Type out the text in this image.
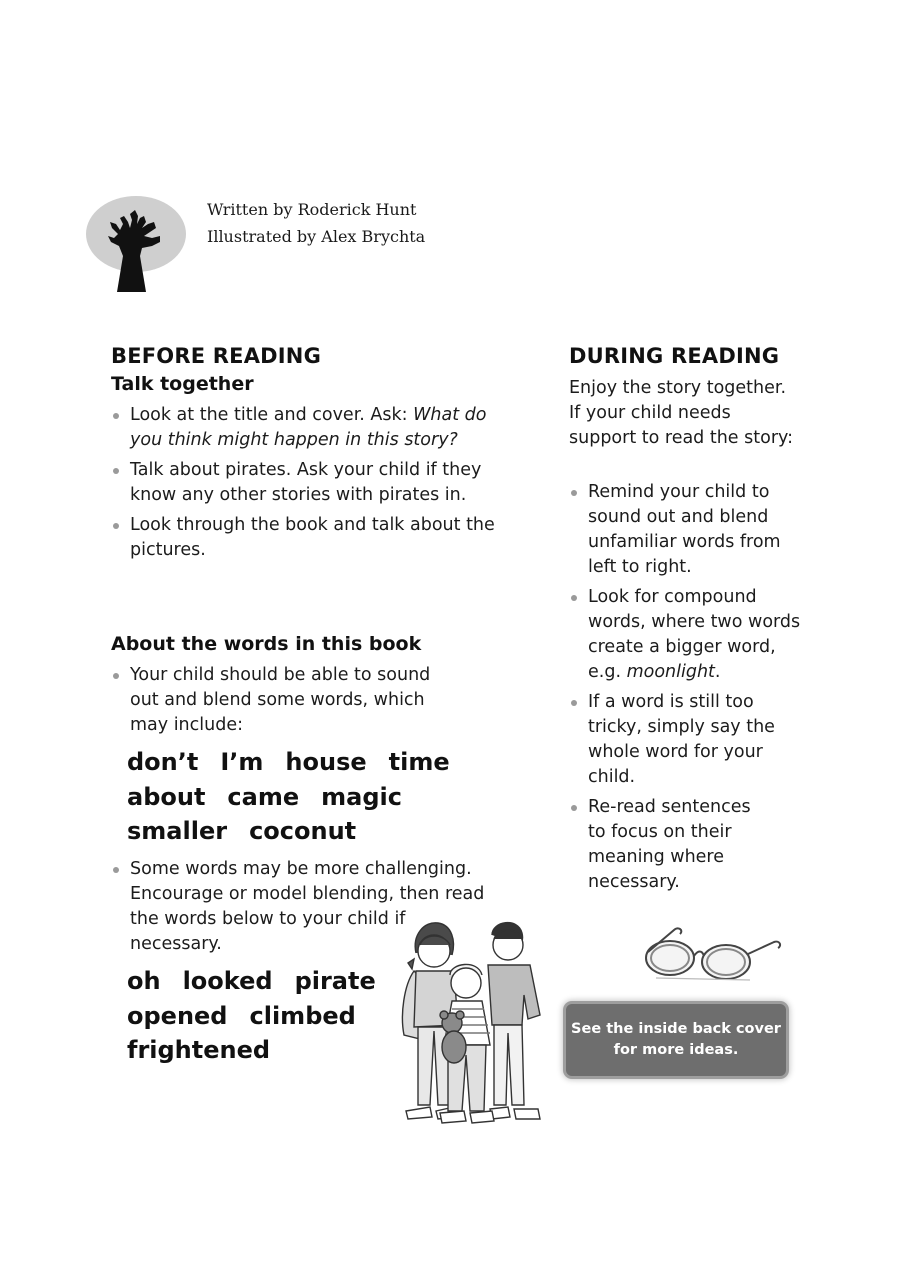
Written by Roderick Hunt
Illustrated by Alex Brychta
BEFORE READING
Talk together
Look at the title and cover. Ask: What do you think might happen in this story?
Talk about pirates. Ask your child if they know any other stories with pirates in.
Look through the book and talk about the pictures.
About the words in this book
Your child should be able to sound out and blend some words, which may include:
don’t I’m house time
about came magic
smaller coconut
Some words may be more challenging. Encourage or model blending, then read the words below to your child if necessary.
oh looked pirate
opened climbed
frightened
DURING READING
Enjoy the story together. If your child needs support to read the story:
Remind your child to sound out and blend unfamiliar words from left to right.
Look for compound words, where two words create a bigger word, e.g. moonlight.
If a word is still too tricky, simply say the whole word for your child.
Re-read sentences to focus on their meaning where necessary.
See the inside back cover
for more ideas.
